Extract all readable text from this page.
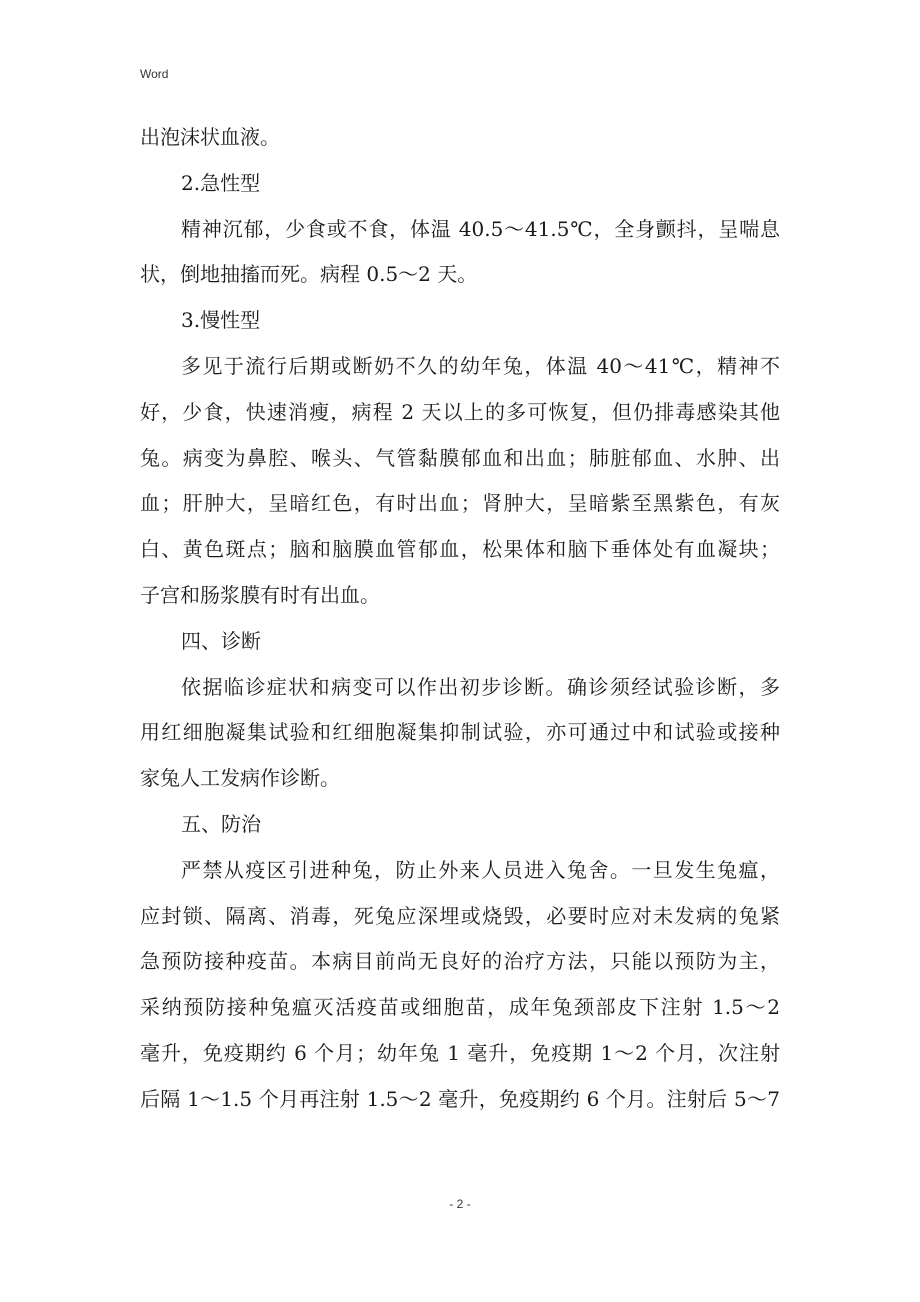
Word
出泡沫状血液。
2.急性型
精神沉郁，少食或不食，体温 40.5～41.5℃，全身颤抖，呈喘息
状，倒地抽搐而死。病程 0.5～2 天。
3.慢性型
多见于流行后期或断奶不久的幼年兔，体温 40～41℃，精神不
好，少食，快速消瘦，病程 2 天以上的多可恢复，但仍排毒感染其他
兔。病变为鼻腔、喉头、气管黏膜郁血和出血；肺脏郁血、水肿、出
血；肝肿大，呈暗红色，有时出血；肾肿大，呈暗紫至黑紫色，有灰
白、黄色斑点；脑和脑膜血管郁血，松果体和脑下垂体处有血凝块；
子宫和肠浆膜有时有出血。
四、诊断
依据临诊症状和病变可以作出初步诊断。确诊须经试验诊断，多
用红细胞凝集试验和红细胞凝集抑制试验，亦可通过中和试验或接种
家兔人工发病作诊断。
五、防治
严禁从疫区引进种兔，防止外来人员进入兔舍。一旦发生兔瘟，
应封锁、隔离、消毒，死兔应深埋或烧毁，必要时应对未发病的兔紧
急预防接种疫苗。本病目前尚无良好的治疗方法，只能以预防为主，
采纳预防接种兔瘟灭活疫苗或细胞苗，成年兔颈部皮下注射 1.5～2
毫升，免疫期约 6 个月；幼年兔 1 毫升，免疫期 1～2 个月，次注射
后隔 1～1.5 个月再注射 1.5～2 毫升，免疫期约 6 个月。注射后 5～7
- 2 -
